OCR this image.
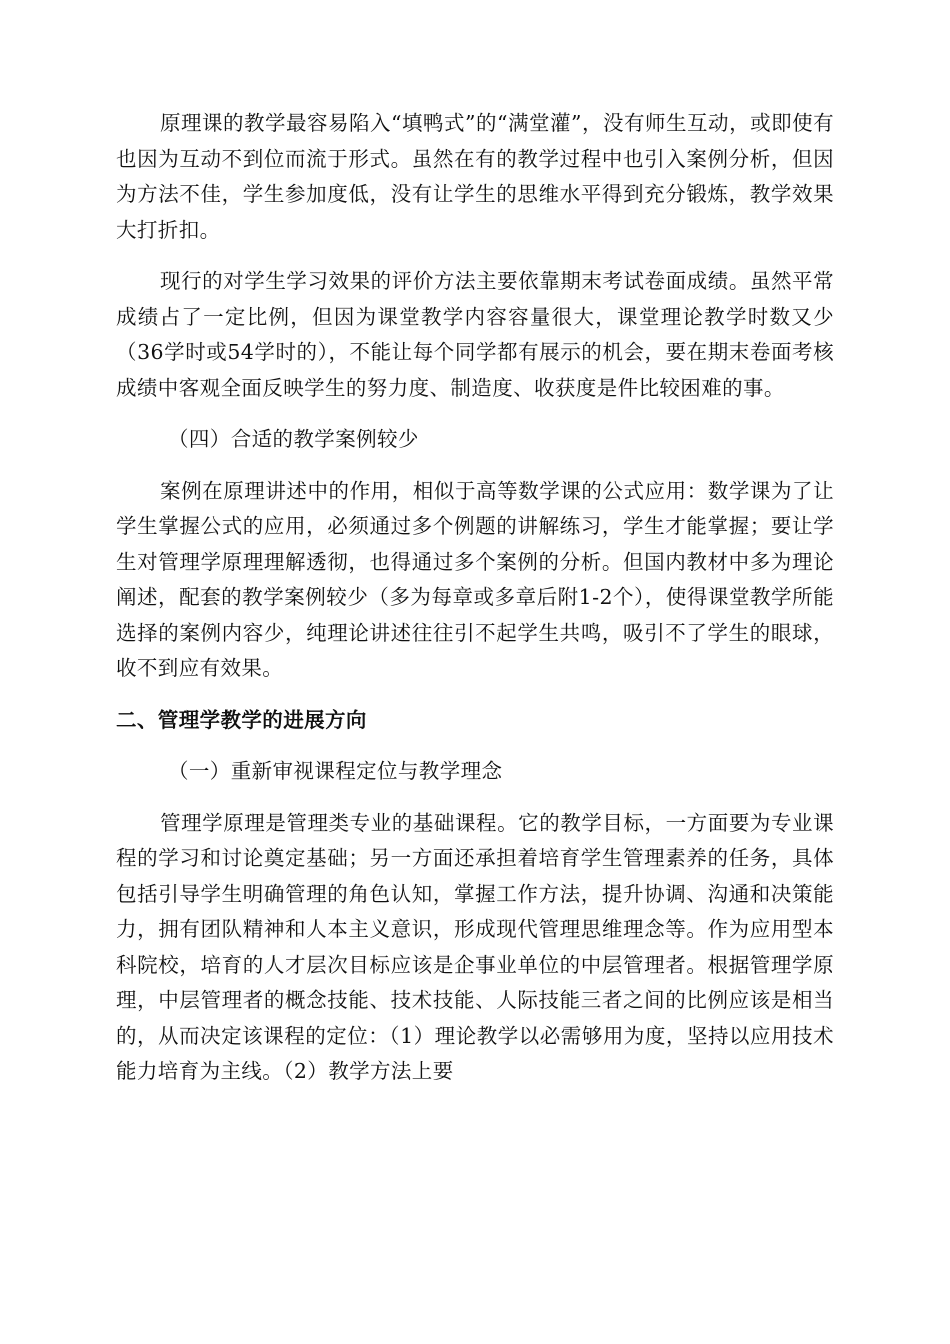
原理课的教学最容易陷入“填鸭式”的“满堂灌”，没有师生互动，或即使有也因为互动不到位而流于形式。虽然在有的教学过程中也引入案例分析，但因为方法不佳，学生参加度低，没有让学生的思维水平得到充分锻炼，教学效果大打折扣。

现行的对学生学习效果的评价方法主要依靠期末考试卷面成绩。虽然平常成绩占了一定比例，但因为课堂教学内容容量很大，课堂理论教学时数又少（36学时或54学时的），不能让每个同学都有展示的机会，要在期末卷面考核成绩中客观全面反映学生的努力度、制造度、收获度是件比较困难的事。

（四）合适的教学案例较少

案例在原理讲述中的作用，相似于高等数学课的公式应用：数学课为了让学生掌握公式的应用，必须通过多个例题的讲解练习，学生才能掌握；要让学生对管理学原理理解透彻，也得通过多个案例的分析。但国内教材中多为理论阐述，配套的教学案例较少（多为每章或多章后附1-2个），使得课堂教学所能选择的案例内容少，纯理论讲述往往引不起学生共鸣，吸引不了学生的眼球，收不到应有效果。

二、管理学教学的进展方向

（一）重新审视课程定位与教学理念

管理学原理是管理类专业的基础课程。它的教学目标，一方面要为专业课程的学习和讨论奠定基础；另一方面还承担着培育学生管理素养的任务，具体包括引导学生明确管理的角色认知，掌握工作方法，提升协调、沟通和决策能力，拥有团队精神和人本主义意识，形成现代管理思维理念等。作为应用型本科院校，培育的人才层次目标应该是企事业单位的中层管理者。根据管理学原理，中层管理者的概念技能、技术技能、人际技能三者之间的比例应该是相当的，从而决定该课程的定位：（1）理论教学以必需够用为度，坚持以应用技术能力培育为主线。（2）教学方法上要
